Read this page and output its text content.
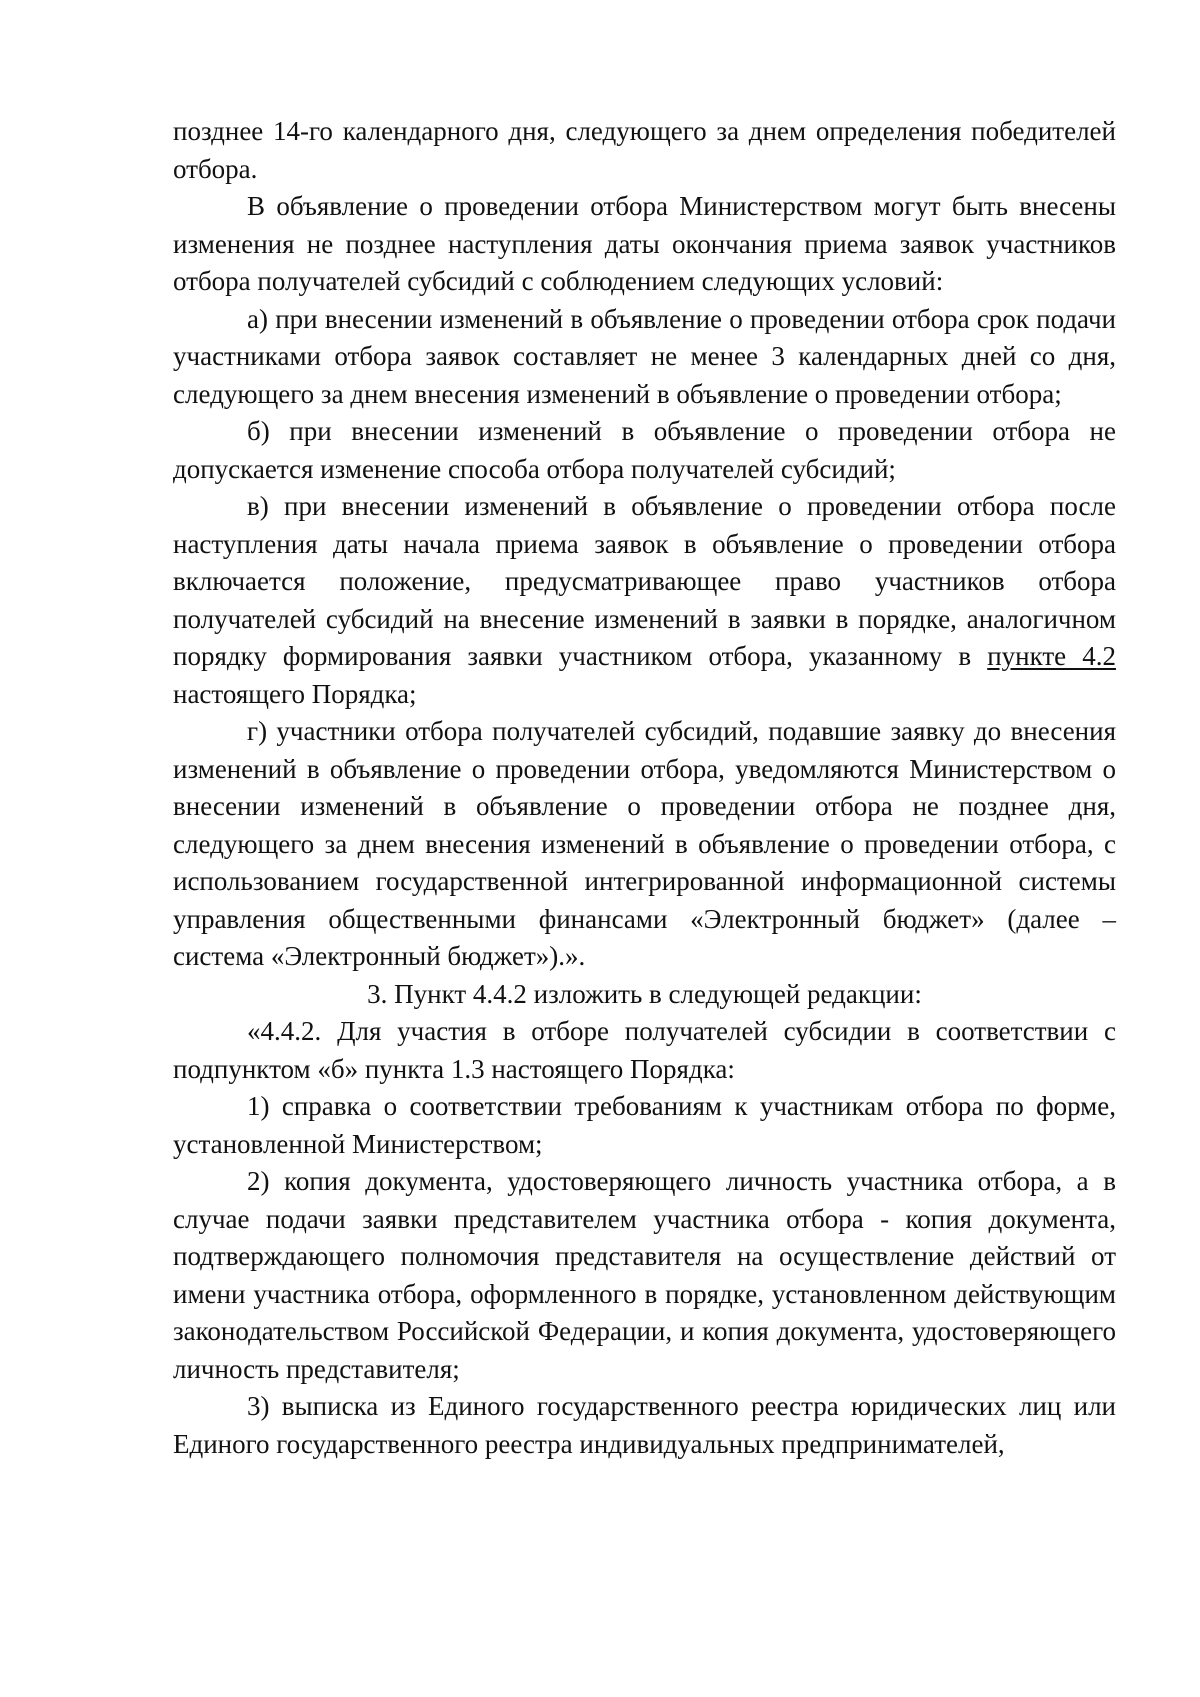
позднее 14-го календарного дня, следующего за днем определения победителей отбора.

В объявление о проведении отбора Министерством могут быть внесены изменения не позднее наступления даты окончания приема заявок участников отбора получателей субсидий с соблюдением следующих условий:

а) при внесении изменений в объявление о проведении отбора срок подачи участниками отбора заявок составляет не менее 3 календарных дней со дня, следующего за днем внесения изменений в объявление о проведении отбора;

б) при внесении изменений в объявление о проведении отбора не допускается изменение способа отбора получателей субсидий;

в) при внесении изменений в объявление о проведении отбора после наступления даты начала приема заявок в объявление о проведении отбора включается положение, предусматривающее право участников отбора получателей субсидий на внесение изменений в заявки в порядке, аналогичном порядку формирования заявки участником отбора, указанному в пункте 4.2 настоящего Порядка;

г) участники отбора получателей субсидий, подавшие заявку до внесения изменений в объявление о проведении отбора, уведомляются Министерством о внесении изменений в объявление о проведении отбора не позднее дня, следующего за днем внесения изменений в объявление о проведении отбора, с использованием государственной интегрированной информационной системы управления общественными финансами «Электронный бюджет» (далее – система «Электронный бюджет»).».

3. Пункт 4.4.2 изложить в следующей редакции:

«4.4.2. Для участия в отборе получателей субсидии в соответствии с подпунктом «б» пункта 1.3 настоящего Порядка:

1) справка о соответствии требованиям к участникам отбора по форме, установленной Министерством;

2) копия документа, удостоверяющего личность участника отбора, а в случае подачи заявки представителем участника отбора - копия документа, подтверждающего полномочия представителя на осуществление действий от имени участника отбора, оформленного в порядке, установленном действующим законодательством Российской Федерации, и копия документа, удостоверяющего личность представителя;

3) выписка из Единого государственного реестра юридических лиц или Единого государственного реестра индивидуальных предпринимателей,
